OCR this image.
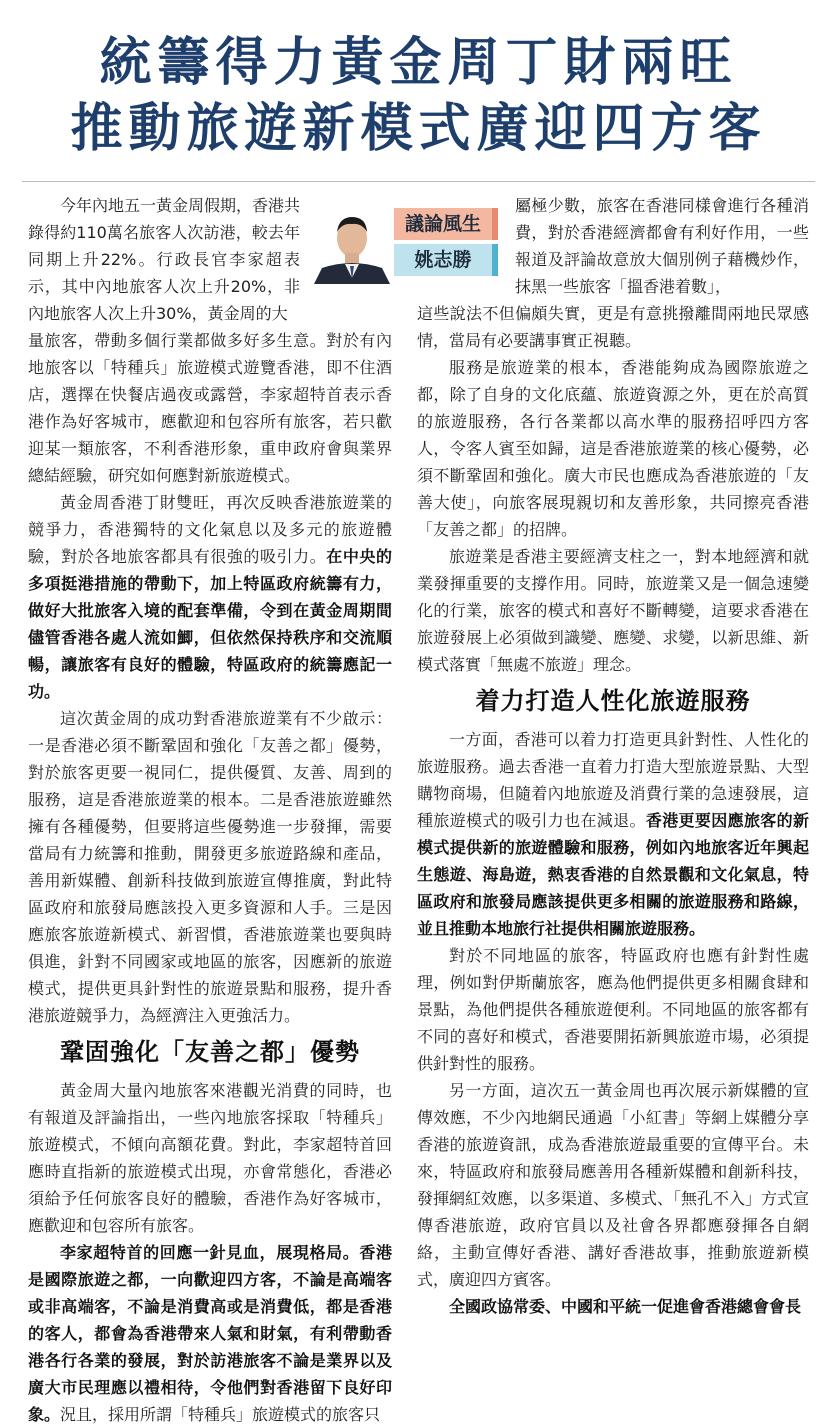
統籌得力黃金周丁財兩旺
推動旅遊新模式廣迎四方客
議論風生
姚志勝

今年內地五一黃金周假期，香港共錄得約110萬名旅客人次訪港，較去年同期上升22%。行政長官李家超表示，其中內地旅客人次上升20%，非內地旅客人次上升30%，黃金周的大

量旅客，帶動多個行業都做多好多生意。對於有內地旅客以「特種兵」旅遊模式遊覽香港，即不住酒店，選擇在快餐店過夜或露營，李家超特首表示香港作為好客城市，應歡迎和包容所有旅客，若只歡迎某一類旅客，不利香港形象，重申政府會與業界總結經驗，研究如何應對新旅遊模式。

黃金周香港丁財雙旺，再次反映香港旅遊業的競爭力，香港獨特的文化氣息以及多元的旅遊體驗，對於各地旅客都具有很強的吸引力。在中央的多項挺港措施的帶動下，加上特區政府統籌有力，做好大批旅客入境的配套準備，令到在黃金周期間儘管香港各處人流如鯽，但依然保持秩序和交流順暢，讓旅客有良好的體驗，特區政府的統籌應記一功。

這次黃金周的成功對香港旅遊業有不少啟示：一是香港必須不斷鞏固和強化「友善之都」優勢，對於旅客更要一視同仁，提供優質、友善、周到的服務，這是香港旅遊業的根本。二是香港旅遊雖然擁有各種優勢，但要將這些優勢進一步發揮，需要當局有力統籌和推動，開發更多旅遊路線和產品，善用新媒體、創新科技做到旅遊宣傳推廣，對此特區政府和旅發局應該投入更多資源和人手。三是因應旅客旅遊新模式、新習慣，香港旅遊業也要與時俱進，針對不同國家或地區的旅客，因應新的旅遊模式，提供更具針對性的旅遊景點和服務，提升香港旅遊競爭力，為經濟注入更強活力。

鞏固強化「友善之都」優勢

黃金周大量內地旅客來港觀光消費的同時，也有報道及評論指出，一些內地旅客採取「特種兵」旅遊模式，不傾向高額花費。對此，李家超特首回應時直指新的旅遊模式出現，亦會常態化，香港必須給予任何旅客良好的體驗，香港作為好客城市，應歡迎和包容所有旅客。

李家超特首的回應一針見血，展現格局。香港是國際旅遊之都，一向歡迎四方客，不論是高端客或非高端客，不論是消費高或是消費低，都是香港的客人，都會為香港帶來人氣和財氣，有利帶動香港各行各業的發展，對於訪港旅客不論是業界以及廣大市民理應以禮相待，令他們對香港留下良好印象。況且，採用所謂「特種兵」旅遊模式的旅客只

屬極少數，旅客在香港同樣會進行各種消費，對於香港經濟都會有利好作用，一些報道及評論故意放大個別例子藉機炒作，抹黑一些旅客「搵香港着數」，

這些說法不但偏頗失實，更是有意挑撥離間兩地民眾感情，當局有必要講事實正視聽。

服務是旅遊業的根本，香港能夠成為國際旅遊之都，除了自身的文化底蘊、旅遊資源之外，更在於高質的旅遊服務，各行各業都以高水準的服務招呼四方客人，令客人賓至如歸，這是香港旅遊業的核心優勢，必須不斷鞏固和強化。廣大市民也應成為香港旅遊的「友善大使」，向旅客展現親切和友善形象，共同擦亮香港「友善之都」的招牌。

旅遊業是香港主要經濟支柱之一，對本地經濟和就業發揮重要的支撐作用。同時，旅遊業又是一個急速變化的行業，旅客的模式和喜好不斷轉變，這要求香港在旅遊發展上必須做到識變、應變、求變，以新思維、新模式落實「無處不旅遊」理念。

着力打造人性化旅遊服務

一方面，香港可以着力打造更具針對性、人性化的旅遊服務。過去香港一直着力打造大型旅遊景點、大型購物商場，但隨着內地旅遊及消費行業的急速發展，這種旅遊模式的吸引力也在減退。香港更要因應旅客的新模式提供新的旅遊體驗和服務，例如內地旅客近年興起生態遊、海島遊，熱衷香港的自然景觀和文化氣息，特區政府和旅發局應該提供更多相關的旅遊服務和路線，並且推動本地旅行社提供相關旅遊服務。

對於不同地區的旅客，特區政府也應有針對性處理，例如對伊斯蘭旅客，應為他們提供更多相關食肆和景點，為他們提供各種旅遊便利。不同地區的旅客都有不同的喜好和模式，香港要開拓新興旅遊市場，必須提供針對性的服務。

另一方面，這次五一黃金周也再次展示新媒體的宣傳效應，不少內地網民通過「小紅書」等網上媒體分享香港的旅遊資訊，成為香港旅遊最重要的宣傳平台。未來，特區政府和旅發局應善用各種新媒體和創新科技，發揮網紅效應，以多渠道、多模式、「無孔不入」方式宣傳香港旅遊，政府官員以及社會各界都應發揮各自網絡，主動宣傳好香港、講好香港故事，推動旅遊新模式，廣迎四方賓客。

全國政協常委、中國和平統一促進會香港總會會長
